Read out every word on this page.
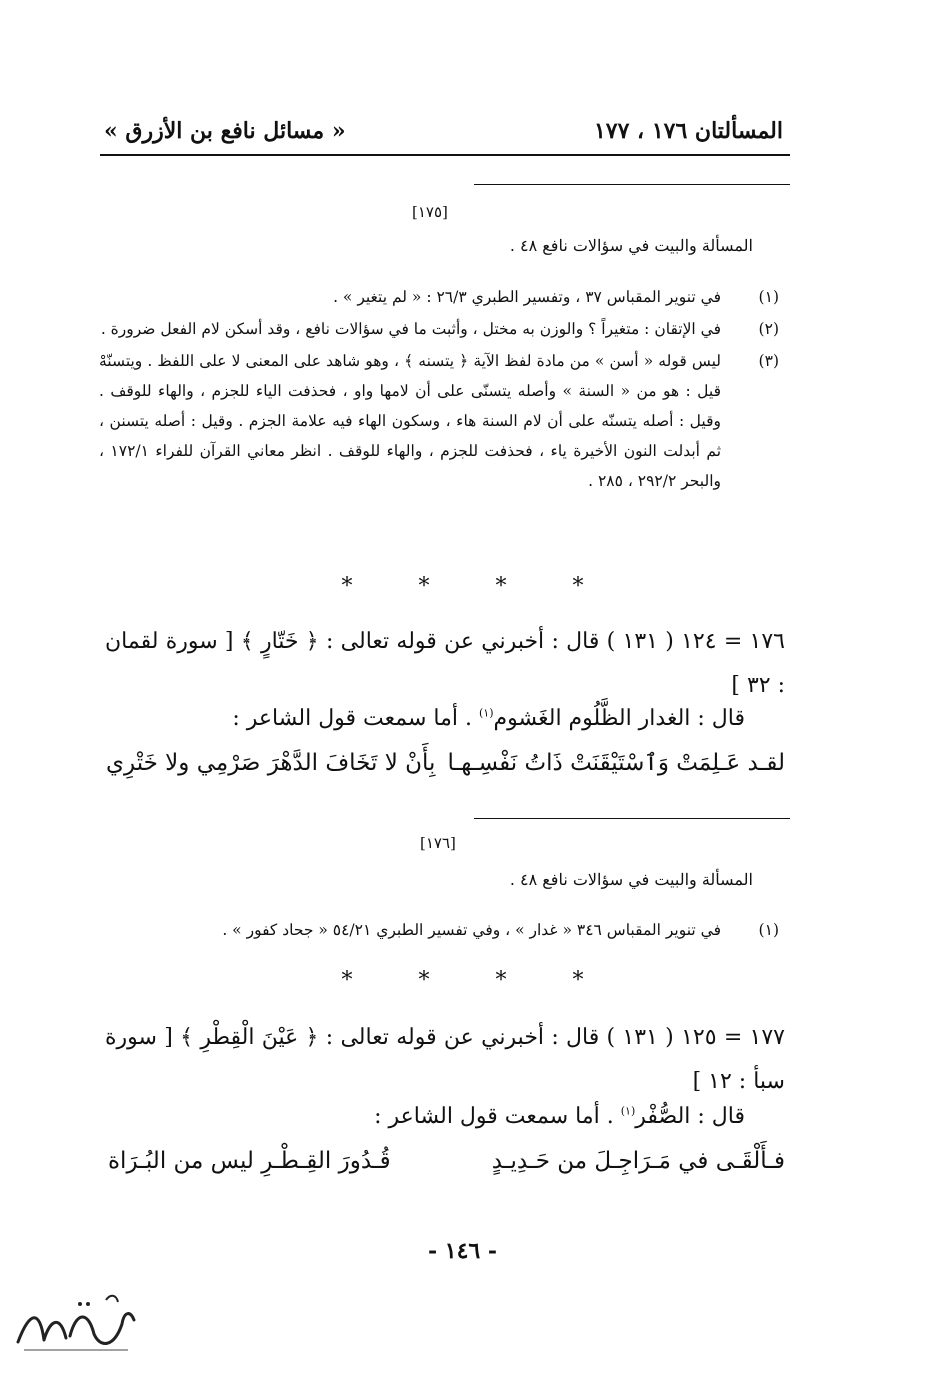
« مسائل نافع بن الأزرق »	المسألتان ١٧٦ ، ١٧٧
[١٧٥]
المسألة والبيت في سؤالات نافع ٤٨ .
(١)
في تنوير المقباس ٣٧ ، وتفسير الطبري ٢٦/٣ : « لم يتغير » .
(٢)
في الإتقان : متغيراً ؟ والوزن به مختل ، وأثبت ما في سؤالات نافع ، وقد أسكن لام الفعل ضرورة .
(٣)
ليس قوله « أسن » من مادة لفظ الآية ﴿ يتسنه ﴾ ، وهو شاهد على المعنى لا على اللفظ . ويتسنّهْ قيل : هو من « السنة » وأصله يتسنّى على أن لامها واو ، فحذفت الياء للجزم ، والهاء للوقف . وقيل : أصله يتسنّه على أن لام السنة هاء ، وسكون الهاء فيه علامة الجزم . وقيل : أصله يتسنن ، ثم أبدلت النون الأخيرة ياء ، فحذفت للجزم ، والهاء للوقف . انظر معاني القرآن للفراء ١٧٢/١ ، والبحر ٢٩٢/٢ ، ٢٨٥ .
*	*	*	*
١٧٦ = ١٢٤ ( ١٣١ ) قال : أخبرني عن قوله تعالى : ﴿ خَتّارٍ ﴾ [ سورة لقمان : ٣٢ ]
قال : الغدار الظَّلُوم الغَشوم$^{(١)}$ . أما سمعت قول الشاعر :
لقـد عَـلِمَتْ وَٱسْتَيْقَنَتْ ذَاتُ نَفْسِـهـا
بِأَنْ لا تَخَافَ الدَّهْرَ صَرْمِي ولا خَتْرِي
[١٧٦]
المسألة والبيت في سؤالات نافع ٤٨ .
(١)
في تنوير المقباس ٣٤٦ « غدار » ، وفي تفسير الطبري ٥٤/٢١ « جحاد كفور » .
*	*	*	*
١٧٧ = ١٢٥ ( ١٣١ ) قال : أخبرني عن قوله تعالى : ﴿ عَيْنَ الْقِطْرِ ﴾ [ سورة سبأ : ١٢ ]
قال : الصُّفْر$^{(١)}$ . أما سمعت قول الشاعر :
فـأَلْقَـى في مَـرَاجِـلَ من حَـدِيـدٍ
قُـدُورَ القِـطْـرِ ليس من البُـرَاة
- ١٤٦ -
